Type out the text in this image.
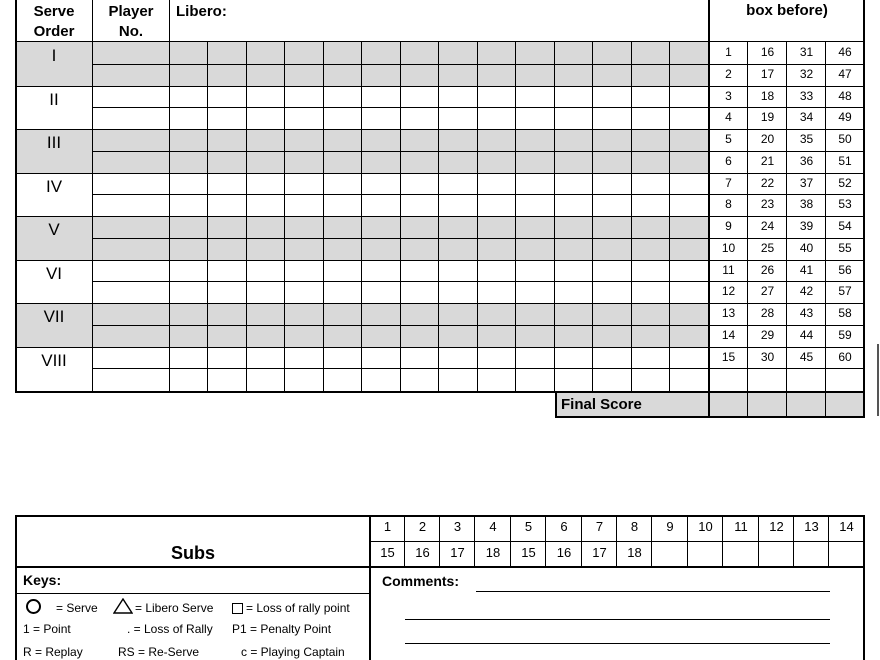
Serve
Order
Player
No.
Libero:	box before)
I
II
III
IV
V
VI
VII
VIII
1	16	31	46
2	17	32	47
3	18	33	48
4	19	34	49
5	20	35	50
6	21	36	51
7	22	37	52
8	23	38	53
9	24	39	54
10	25	40	55
11	26	41	56
12	27	42	57
13	28	43	58
14	29	44	59
15	30	45	60
Final Score
Subs
1	2	3	4	5	6	7	8	9	10	11	12	13	14
15	16	17	18	15	16	17	18
Keys:
= Serve	= Libero Serve	= Loss of rally point
1 = Point	. = Loss of Rally P1 = Penalty Point
R = Replay	RS = Re-Serve	c = Playing Captain
Comments:
